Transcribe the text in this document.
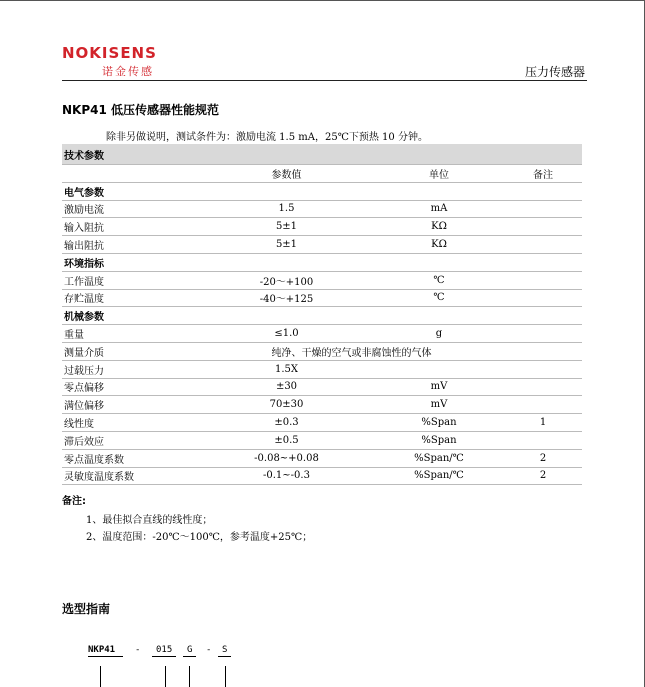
NOKISENS
诺金传感	压力传感器
NKP41 低压传感器性能规范
除非另做说明，测试条件为：激励电流 1.5 mA，25℃下预热 10 分钟。
技术参数			
	参数值	单位	备注
电气参数			
激励电流	1.5	mA	
输入阻抗	5±1	KΩ	
输出阻抗	5±1	KΩ	
环境指标			
工作温度	-20～+100	℃	
存贮温度	-40～+125	℃	
机械参数			
重量	≤1.0	g	
测量介质	纯净、干燥的空气或非腐蚀性的气体		
过载压力	1.5X		
零点偏移	±30	mV	
满位偏移	70±30	mV	
线性度	±0.3	%Span	1
滞后效应	±0.5	%Span	
零点温度系数	-0.08~+0.08	%Span/℃	2
灵敏度温度系数	-0.1~-0.3	%Span/℃	2
备注:
1、最佳拟合直线的线性度；
2、温度范围：-20℃～100℃，参考温度+25℃；
选型指南
NKP41	-	015	G	-	S
